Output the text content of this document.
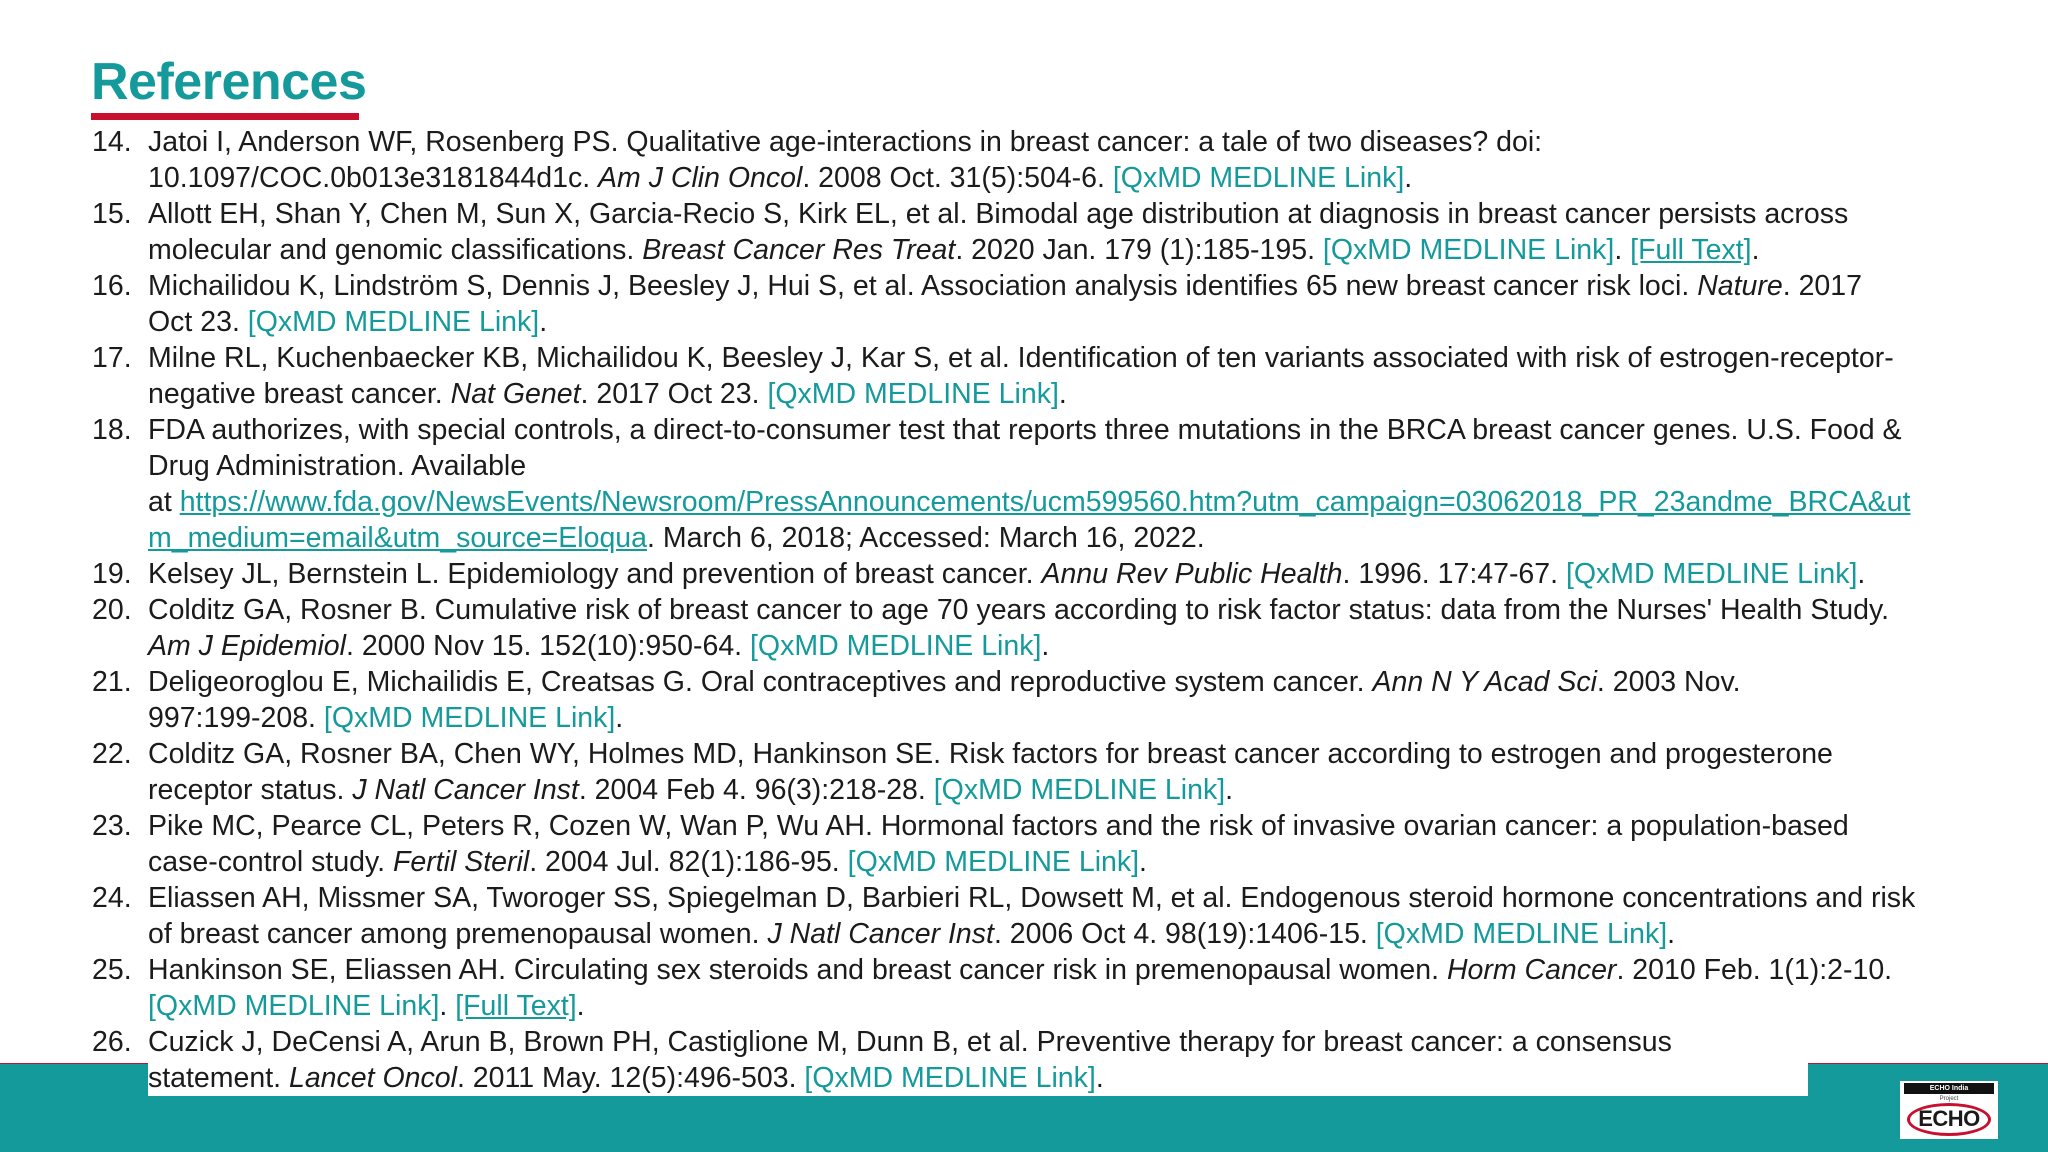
References
14. Jatoi I, Anderson WF, Rosenberg PS. Qualitative age-interactions in breast cancer: a tale of two diseases? doi: 10.1097/COC.0b013e3181844d1c. Am J Clin Oncol. 2008 Oct. 31(5):504-6. [QxMD MEDLINE Link].
15. Allott EH, Shan Y, Chen M, Sun X, Garcia-Recio S, Kirk EL, et al. Bimodal age distribution at diagnosis in breast cancer persists across molecular and genomic classifications. Breast Cancer Res Treat. 2020 Jan. 179 (1):185-195. [QxMD MEDLINE Link]. [Full Text].
16. Michailidou K, Lindström S, Dennis J, Beesley J, Hui S, et al. Association analysis identifies 65 new breast cancer risk loci. Nature. 2017 Oct 23. [QxMD MEDLINE Link].
17. Milne RL, Kuchenbaecker KB, Michailidou K, Beesley J, Kar S, et al. Identification of ten variants associated with risk of estrogen-receptor-negative breast cancer. Nat Genet. 2017 Oct 23. [QxMD MEDLINE Link].
18. FDA authorizes, with special controls, a direct-to-consumer test that reports three mutations in the BRCA breast cancer genes. U.S. Food & Drug Administration. Available
at https://www.fda.gov/NewsEvents/Newsroom/PressAnnouncements/ucm599560.htm?utm_campaign=03062018_PR_23andme_BRCA&utm_medium=email&utm_source=Eloqua. March 6, 2018; Accessed: March 16, 2022.
19. Kelsey JL, Bernstein L. Epidemiology and prevention of breast cancer. Annu Rev Public Health. 1996. 17:47-67. [QxMD MEDLINE Link].
20. Colditz GA, Rosner B. Cumulative risk of breast cancer to age 70 years according to risk factor status: data from the Nurses' Health Study. Am J Epidemiol. 2000 Nov 15. 152(10):950-64. [QxMD MEDLINE Link].
21. Deligeoroglou E, Michailidis E, Creatsas G. Oral contraceptives and reproductive system cancer. Ann N Y Acad Sci. 2003 Nov. 997:199-208. [QxMD MEDLINE Link].
22. Colditz GA, Rosner BA, Chen WY, Holmes MD, Hankinson SE. Risk factors for breast cancer according to estrogen and progesterone receptor status. J Natl Cancer Inst. 2004 Feb 4. 96(3):218-28. [QxMD MEDLINE Link].
23. Pike MC, Pearce CL, Peters R, Cozen W, Wan P, Wu AH. Hormonal factors and the risk of invasive ovarian cancer: a population-based case-control study. Fertil Steril. 2004 Jul. 82(1):186-95. [QxMD MEDLINE Link].
24. Eliassen AH, Missmer SA, Tworoger SS, Spiegelman D, Barbieri RL, Dowsett M, et al. Endogenous steroid hormone concentrations and risk of breast cancer among premenopausal women. J Natl Cancer Inst. 2006 Oct 4. 98(19):1406-15. [QxMD MEDLINE Link].
25. Hankinson SE, Eliassen AH. Circulating sex steroids and breast cancer risk in premenopausal women. Horm Cancer. 2010 Feb. 1(1):2-10. [QxMD MEDLINE Link]. [Full Text].
26. Cuzick J, DeCensi A, Arun B, Brown PH, Castiglione M, Dunn B, et al. Preventive therapy for breast cancer: a consensus statement. Lancet Oncol. 2011 May. 12(5):496-503. [QxMD MEDLINE Link].	ECHO India
Project
ECHO
